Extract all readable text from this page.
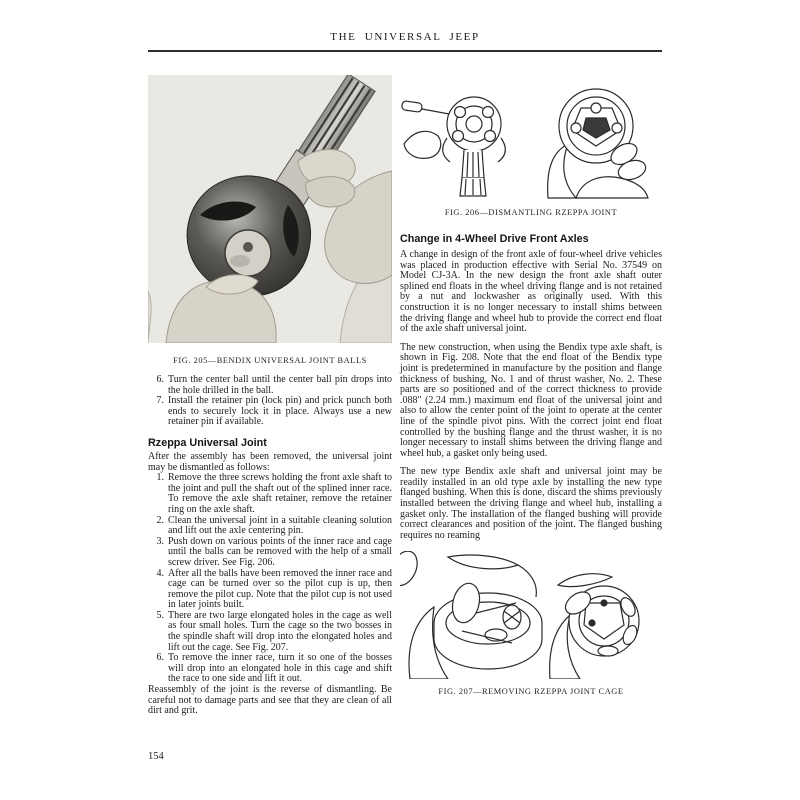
THE UNIVERSAL JEEP
FIG. 205—BENDIX UNIVERSAL JOINT BALLS
6. Turn the center ball until the center ball pin drops into the hole drilled in the ball.
7. Install the retainer pin (lock pin) and prick punch both ends to securely lock it in place. Always use a new retainer pin if available.
Rzeppa Universal Joint

After the assembly has been removed, the universal joint may be dismantled as follows:

1. Remove the three screws holding the front axle shaft to the joint and pull the shaft out of the splined inner race. To remove the axle shaft retainer, remove the retainer ring on the axle shaft.
2. Clean the universal joint in a suitable cleaning solution and lift out the axle centering pin.
3. Push down on various points of the inner race and cage until the balls can be removed with the help of a small screw driver. See Fig. 206.
4. After all the balls have been removed the inner race and cage can be turned over so the pilot cup is up, then remove the pilot cup. Note that the pilot cup is not used in later joints built.
5. There are two large elongated holes in the cage as well as four small holes. Turn the cage so the two bosses in the spindle shaft will drop into the elongated holes and lift out the cage. See Fig. 207.
6. To remove the inner race, turn it so one of the bosses will drop into an elongated hole in this cage and shift the race to one side and lift it out.

Reassembly of the joint is the reverse of dismantling. Be careful not to damage parts and see that they are clean of all dirt and grit.

FIG. 206—DISMANTLING RZEPPA JOINT
Change in 4-Wheel Drive Front Axles

A change in design of the front axle of four-wheel drive vehicles was placed in production effective with Serial No. 37549 on Model CJ-3A. In the new design the front axle shaft outer splined end floats in the wheel driving flange and is not retained by a nut and lockwasher as originally used. With this construction it is no longer necessary to install shims between the driving flange and wheel hub to provide the correct end float of the axle shaft universal joint.

The new construction, when using the Bendix type axle shaft, is shown in Fig. 208. Note that the end float of the Bendix type joint is predetermined in manufacture by the position and flange thickness of bushing, No. 1 and of thrust washer, No. 2. These parts are so positioned and of the correct thickness to provide .088" (2.24 mm.) maximum end float of the universal joint and also to allow the center point of the joint to operate at the center line of the spindle pivot pins. With the correct joint end float controlled by the bushing flange and the thrust washer, it is no longer necessary to install shims between the driving flange and wheel hub, a gasket only being used.

The new type Bendix axle shaft and universal joint may be readily installed in an old type axle by installing the new type flanged bushing. When this is done, discard the shims previously installed between the driving flange and wheel hub, installing a gasket only. The installation of the flanged bushing will provide correct clearances and position of the joint. The flanged bushing requires no reaming

FIG. 207—REMOVING RZEPPA JOINT CAGE
154
